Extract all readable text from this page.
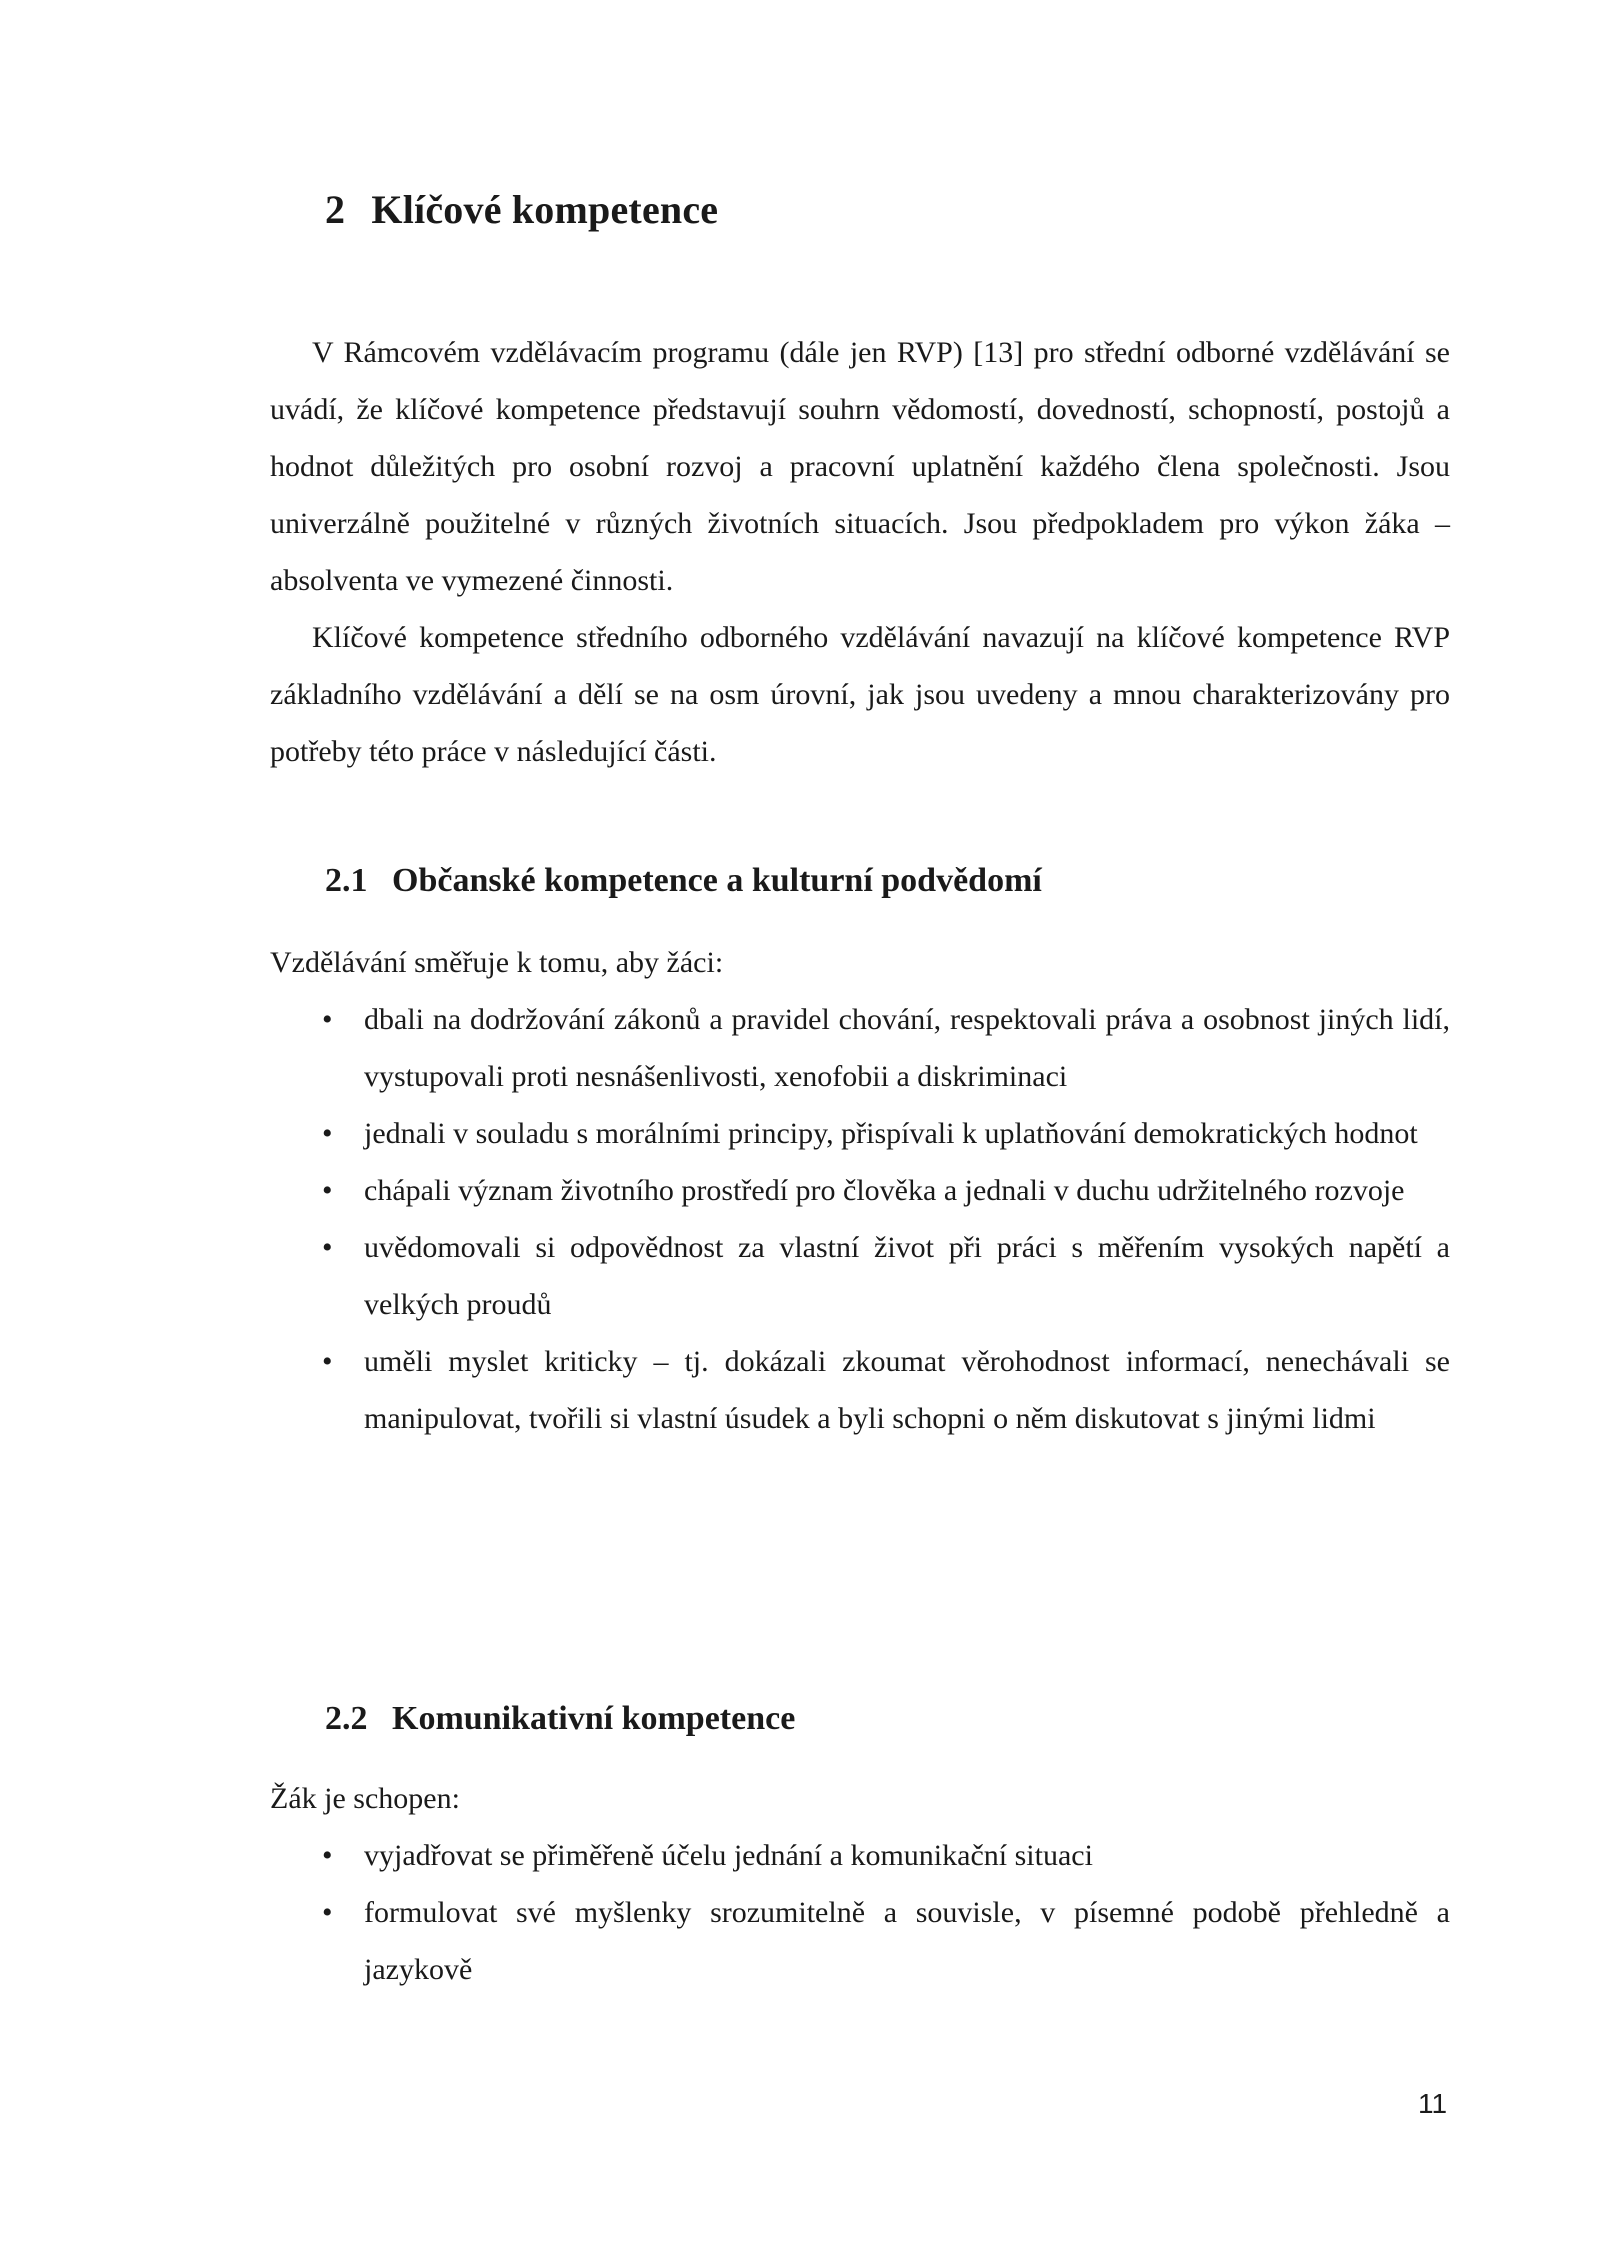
2 Klíčové kompetence

V Rámcovém vzdělávacím programu (dále jen RVP) [13] pro střední odborné vzdělávání se uvádí, že klíčové kompetence představují souhrn vědomostí, dovedností, schopností, postojů a hodnot důležitých pro osobní rozvoj a pracovní uplatnění každého člena společnosti. Jsou univerzálně použitelné v různých životních situacích. Jsou předpokladem pro výkon žáka – absolventa ve vymezené činnosti.

Klíčové kompetence středního odborného vzdělávání navazují na klíčové kompetence RVP základního vzdělávání a dělí se na osm úrovní, jak jsou uvedeny a mnou charakterizovány pro potřeby této práce v následující části.

2.1 Občanské kompetence a kulturní podvědomí

Vzdělávání směřuje k tomu, aby žáci:

• dbali na dodržování zákonů a pravidel chování, respektovali práva a osobnost jiných lidí, vystupovali proti nesnášenlivosti, xenofobii a diskriminaci
• jednali v souladu s morálními principy, přispívali k uplatňování demokratických hodnot
• chápali význam životního prostředí pro člověka a jednali v duchu udržitelného rozvoje
• uvědomovali si odpovědnost za vlastní život při práci s měřením vysokých napětí a velkých proudů
• uměli myslet kriticky – tj. dokázali zkoumat věrohodnost informací, nenechávali se manipulovat, tvořili si vlastní úsudek a byli schopni o něm diskutovat s jinými lidmi
2.2 Komunikativní kompetence

Žák je schopen:

• vyjadřovat se přiměřeně účelu jednání a komunikační situaci
• formulovat své myšlenky srozumitelně a souvisle, v písemné podobě přehledně a jazykově
11
